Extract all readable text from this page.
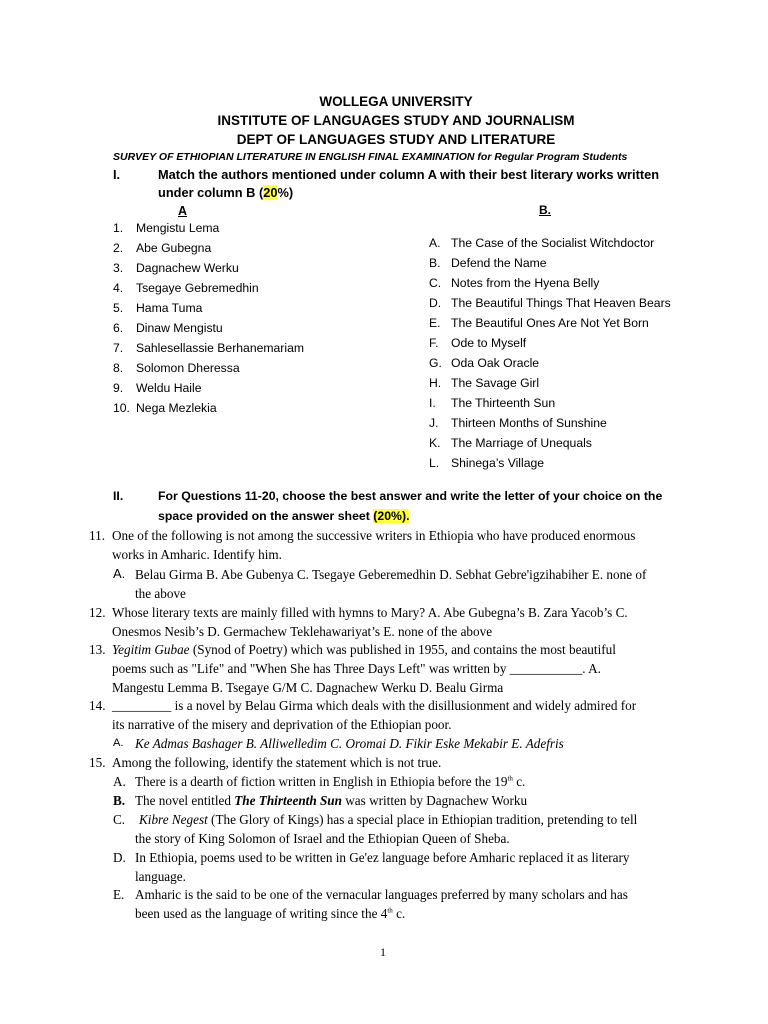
WOLLEGA UNIVERSITY
INSTITUTE OF LANGUAGES STUDY AND JOURNALISM
DEPT OF LANGUAGES STUDY AND LITERATURE
SURVEY OF ETHIOPIAN LITERATURE IN ENGLISH FINAL EXAMINATION for Regular Program Students
I.	Match the authors mentioned under column A with their best literary works written
under column B (20%)
A	B.
1. Mengistu Lema
2. Abe Gubegna
3. Dagnachew Werku
4. Tsegaye Gebremedhin
5. Hama Tuma
6. Dinaw Mengistu
7. Sahlesellassie Berhanemariam
8. Solomon Dheressa
9. Weldu Haile
10. Nega Mezlekia
A. The Case of the Socialist Witchdoctor
B. Defend the Name
C. Notes from the Hyena Belly
D. The Beautiful Things That Heaven Bears
E. The Beautiful Ones Are Not Yet Born
F. Ode to Myself
G. Oda Oak Oracle
H. The Savage Girl
I. The Thirteenth Sun
J. Thirteen Months of Sunshine
K. The Marriage of Unequals
L. Shinega’s Village
II.	For Questions 11-20, choose the best answer and write the letter of your choice on the
space provided on the answer sheet (20%).
11. One of the following is not among the successive writers in Ethiopia who have produced enormous
works in Amharic. Identify him.
A. Belau Girma B. Abe Gubenya C. Tsegaye Geberemedhin D. Sebhat Gebre'igzihabiher E. none of
the above
12. Whose literary texts are mainly filled with hymns to Mary? A. Abe Gubegna’s B. Zara Yacob’s C.
Onesmos Nesib’s D. Germachew Teklehawariyat’s E. none of the above
13. Yegitim Gubae (Synod of Poetry) which was published in 1955, and contains the most beautiful
poems such as "Life" and "When She has Three Days Left" was written by ___________. A.
Mangestu Lemma B. Tsegaye G/M C. Dagnachew Werku D. Bealu Girma
14. _________ is a novel by Belau Girma which deals with the disillusionment and widely admired for
its narrative of the misery and deprivation of the Ethiopian poor.
A. Ke Admas Bashager B. Alliwelledim C. Oromai D. Fikir Eske Mekabir E. Adefris
15. Among the following, identify the statement which is not true.
A. There is a dearth of fiction written in English in Ethiopia before the 19th c.
B. The novel entitled The Thirteenth Sun was written by Dagnachew Worku
C. Kibre Negest (The Glory of Kings) has a special place in Ethiopian tradition, pretending to tell
the story of King Solomon of Israel and the Ethiopian Queen of Sheba.
D. In Ethiopia, poems used to be written in Ge'ez language before Amharic replaced it as literary
language.
E. Amharic is the said to be one of the vernacular languages preferred by many scholars and has
been used as the language of writing since the 4th c.
1
